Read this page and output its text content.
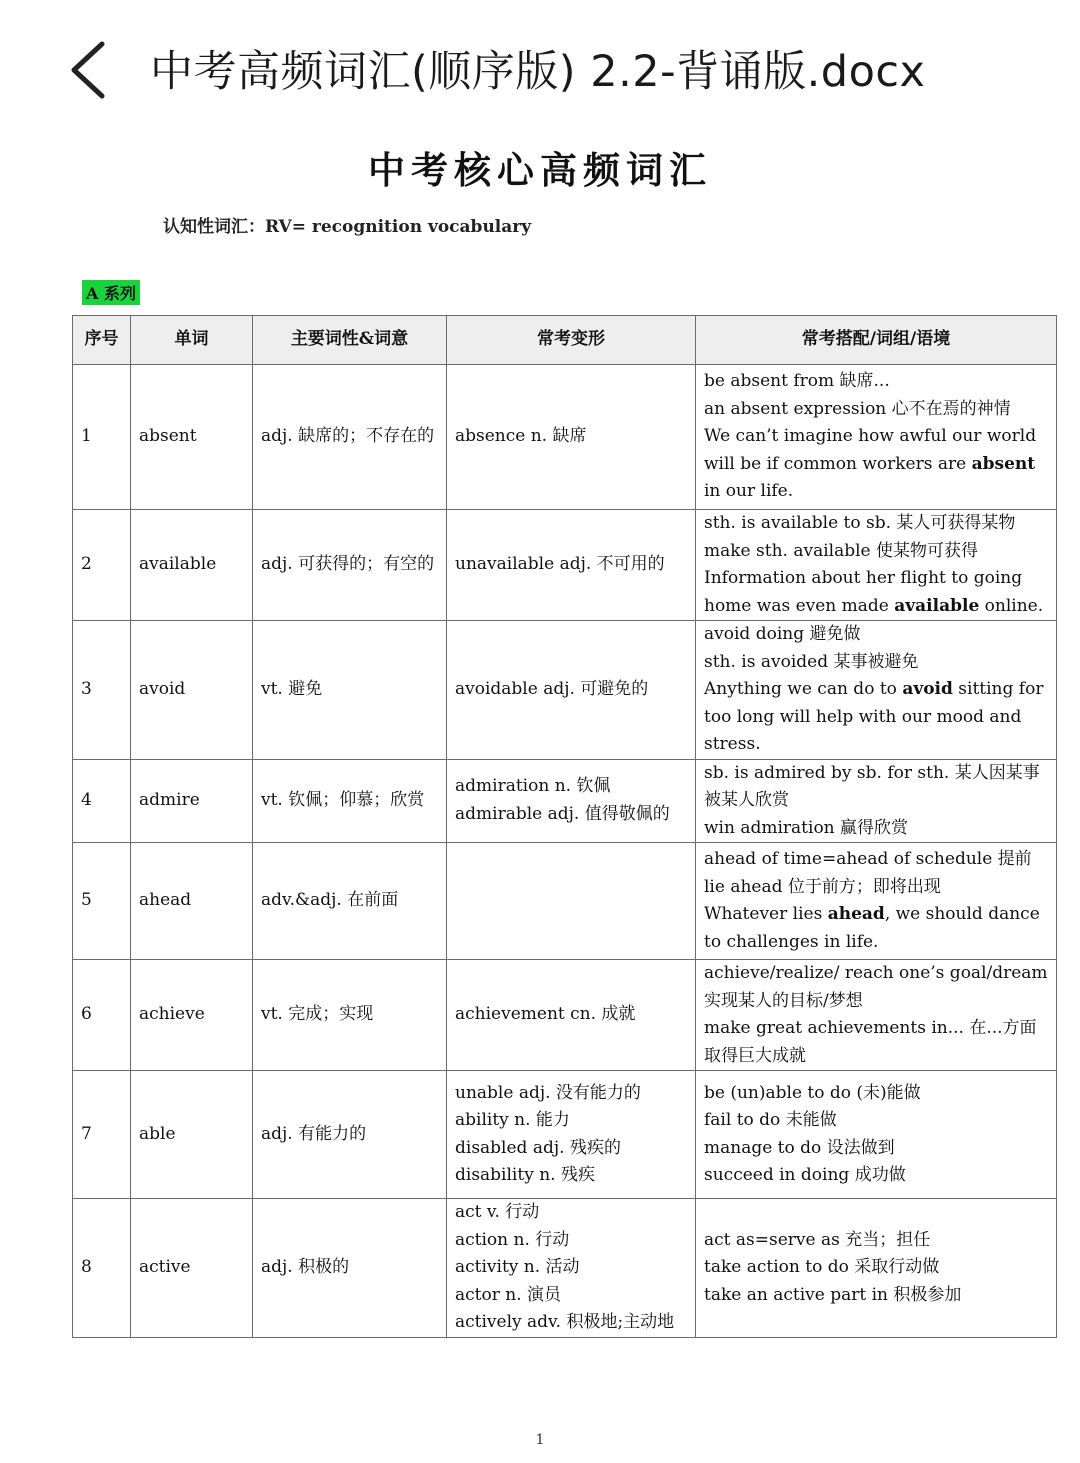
中考高频词汇(顺序版) 2.2-背诵版.docx
中考核心高频词汇
认知性词汇：RV= recognition vocabulary
A 系列
序号	单词	主要词性&词意	常考变形	常考搭配/词组/语境

1	absent	adj. 缺席的；不存在的	absence n. 缺席	be absent from 缺席...
an absent expression 心不在焉的神情
We can’t imagine how awful our world will be if common workers are absent in our life.

2	available	adj. 可获得的；有空的	unavailable adj. 不可用的	sth. is available to sb. 某人可获得某物
make sth. available 使某物可获得
Information about her flight to going home was even made available online.

3	avoid	vt. 避免	avoidable adj. 可避免的	avoid doing 避免做
sth. is avoided 某事被避免
Anything we can do to avoid sitting for too long will help with our mood and stress.

4	admire	vt. 钦佩；仰慕；欣赏	admiration n. 钦佩
admirable adj. 值得敬佩的	sb. is admired by sb. for sth. 某人因某事被某人欣赏
win admiration 赢得欣赏

5	ahead	adv.&adj. 在前面		ahead of time=ahead of schedule 提前
lie ahead 位于前方；即将出现
Whatever lies ahead, we should dance to challenges in life.

6	achieve	vt. 完成；实现	achievement cn. 成就	achieve/realize/ reach one’s goal/dream 实现某人的目标/梦想
make great achievements in... 在...方面取得巨大成就

7	able	adj. 有能力的	unable adj. 没有能力的
ability n. 能力
disabled adj. 残疾的
disability n. 残疾	be (un)able to do (未)能做
fail to do 未能做
manage to do 设法做到
succeed in doing 成功做

8	active	adj. 积极的	act v. 行动
action n. 行动
activity n. 活动
actor n. 演员
actively adv. 积极地;主动地	act as=serve as 充当；担任
take action to do 采取行动做
take an active part in 积极参加
1
